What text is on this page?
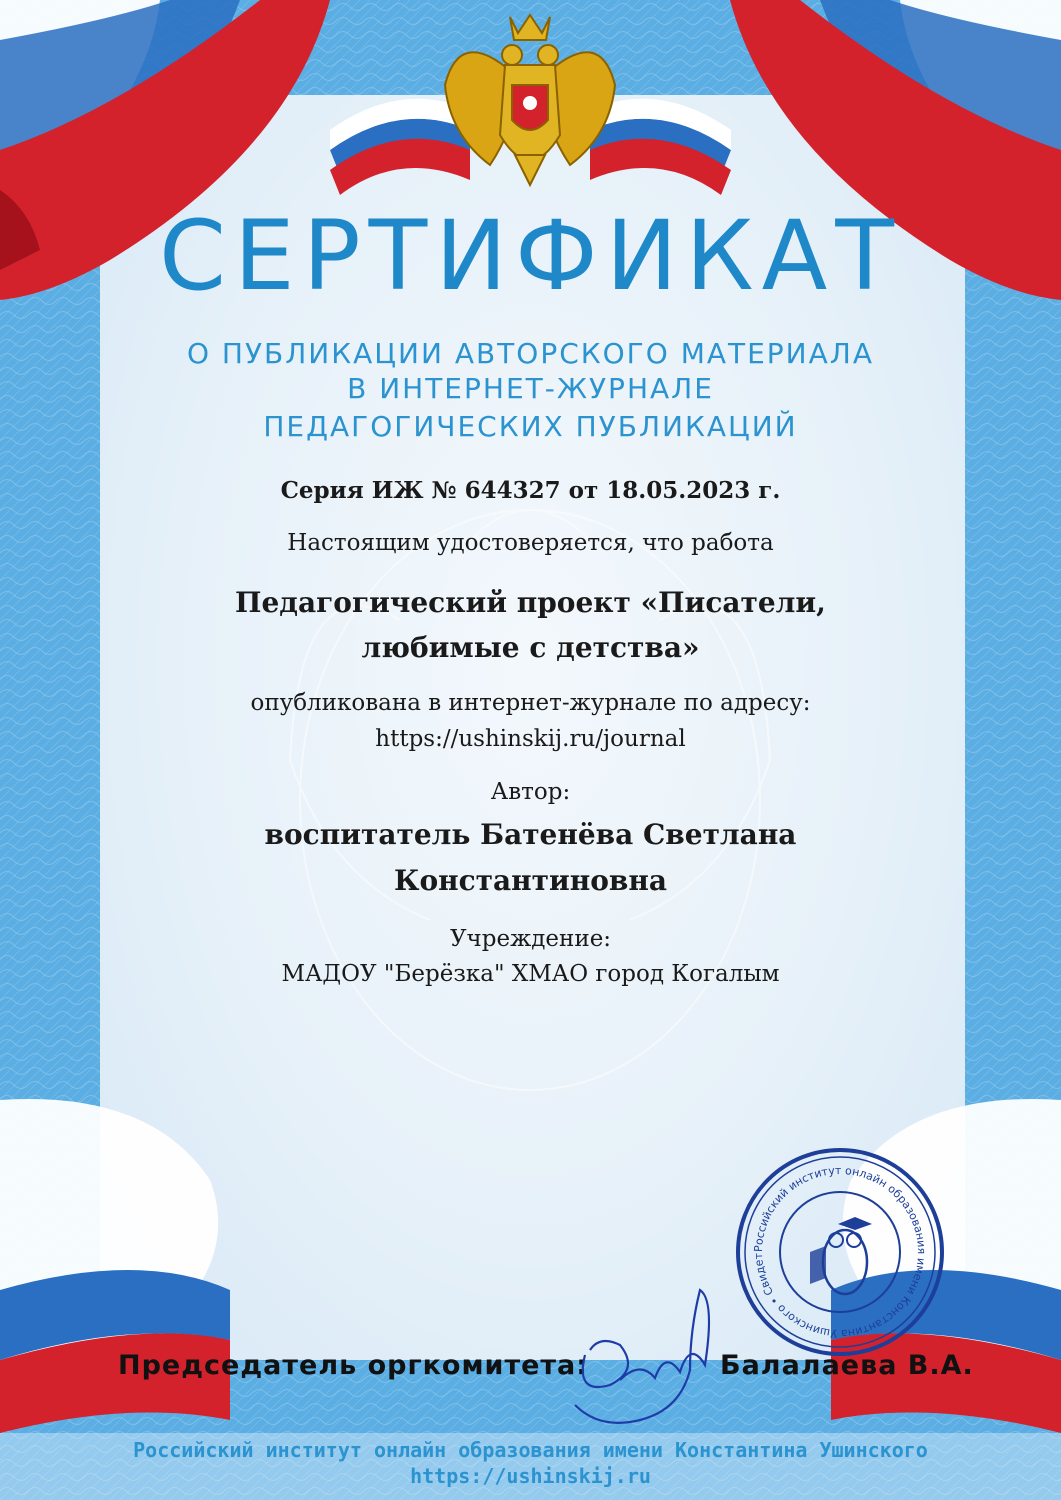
СЕРТИФИКАТ
О ПУБЛИКАЦИИ АВТОРСКОГО МАТЕРИАЛА
В ИНТЕРНЕТ-ЖУРНАЛЕ
ПЕДАГОГИЧЕСКИХ ПУБЛИКАЦИЙ
Серия ИЖ № 644327 от 18.05.2023 г.
Настоящим удостоверяется, что работа
Педагогический проект «Писатели,
любимые с детства»
опубликована в интернет-журнале по адресу:
https://ushinskij.ru/journal
Автор:
воспитатель Батенёва Светлана
Константиновна
Учреждение:
МАДОУ "Берёзка" ХМАО город Когалым
Российский институт онлайн образования имени Константина Ушинского • Свидетельство о регистрации СМИ: ЭЛ № ФС77-72498
Председатель оргкомитета:	Балалаева В.А.
Российский институт онлайн образования имени Константина Ушинского
https://ushinskij.ru
